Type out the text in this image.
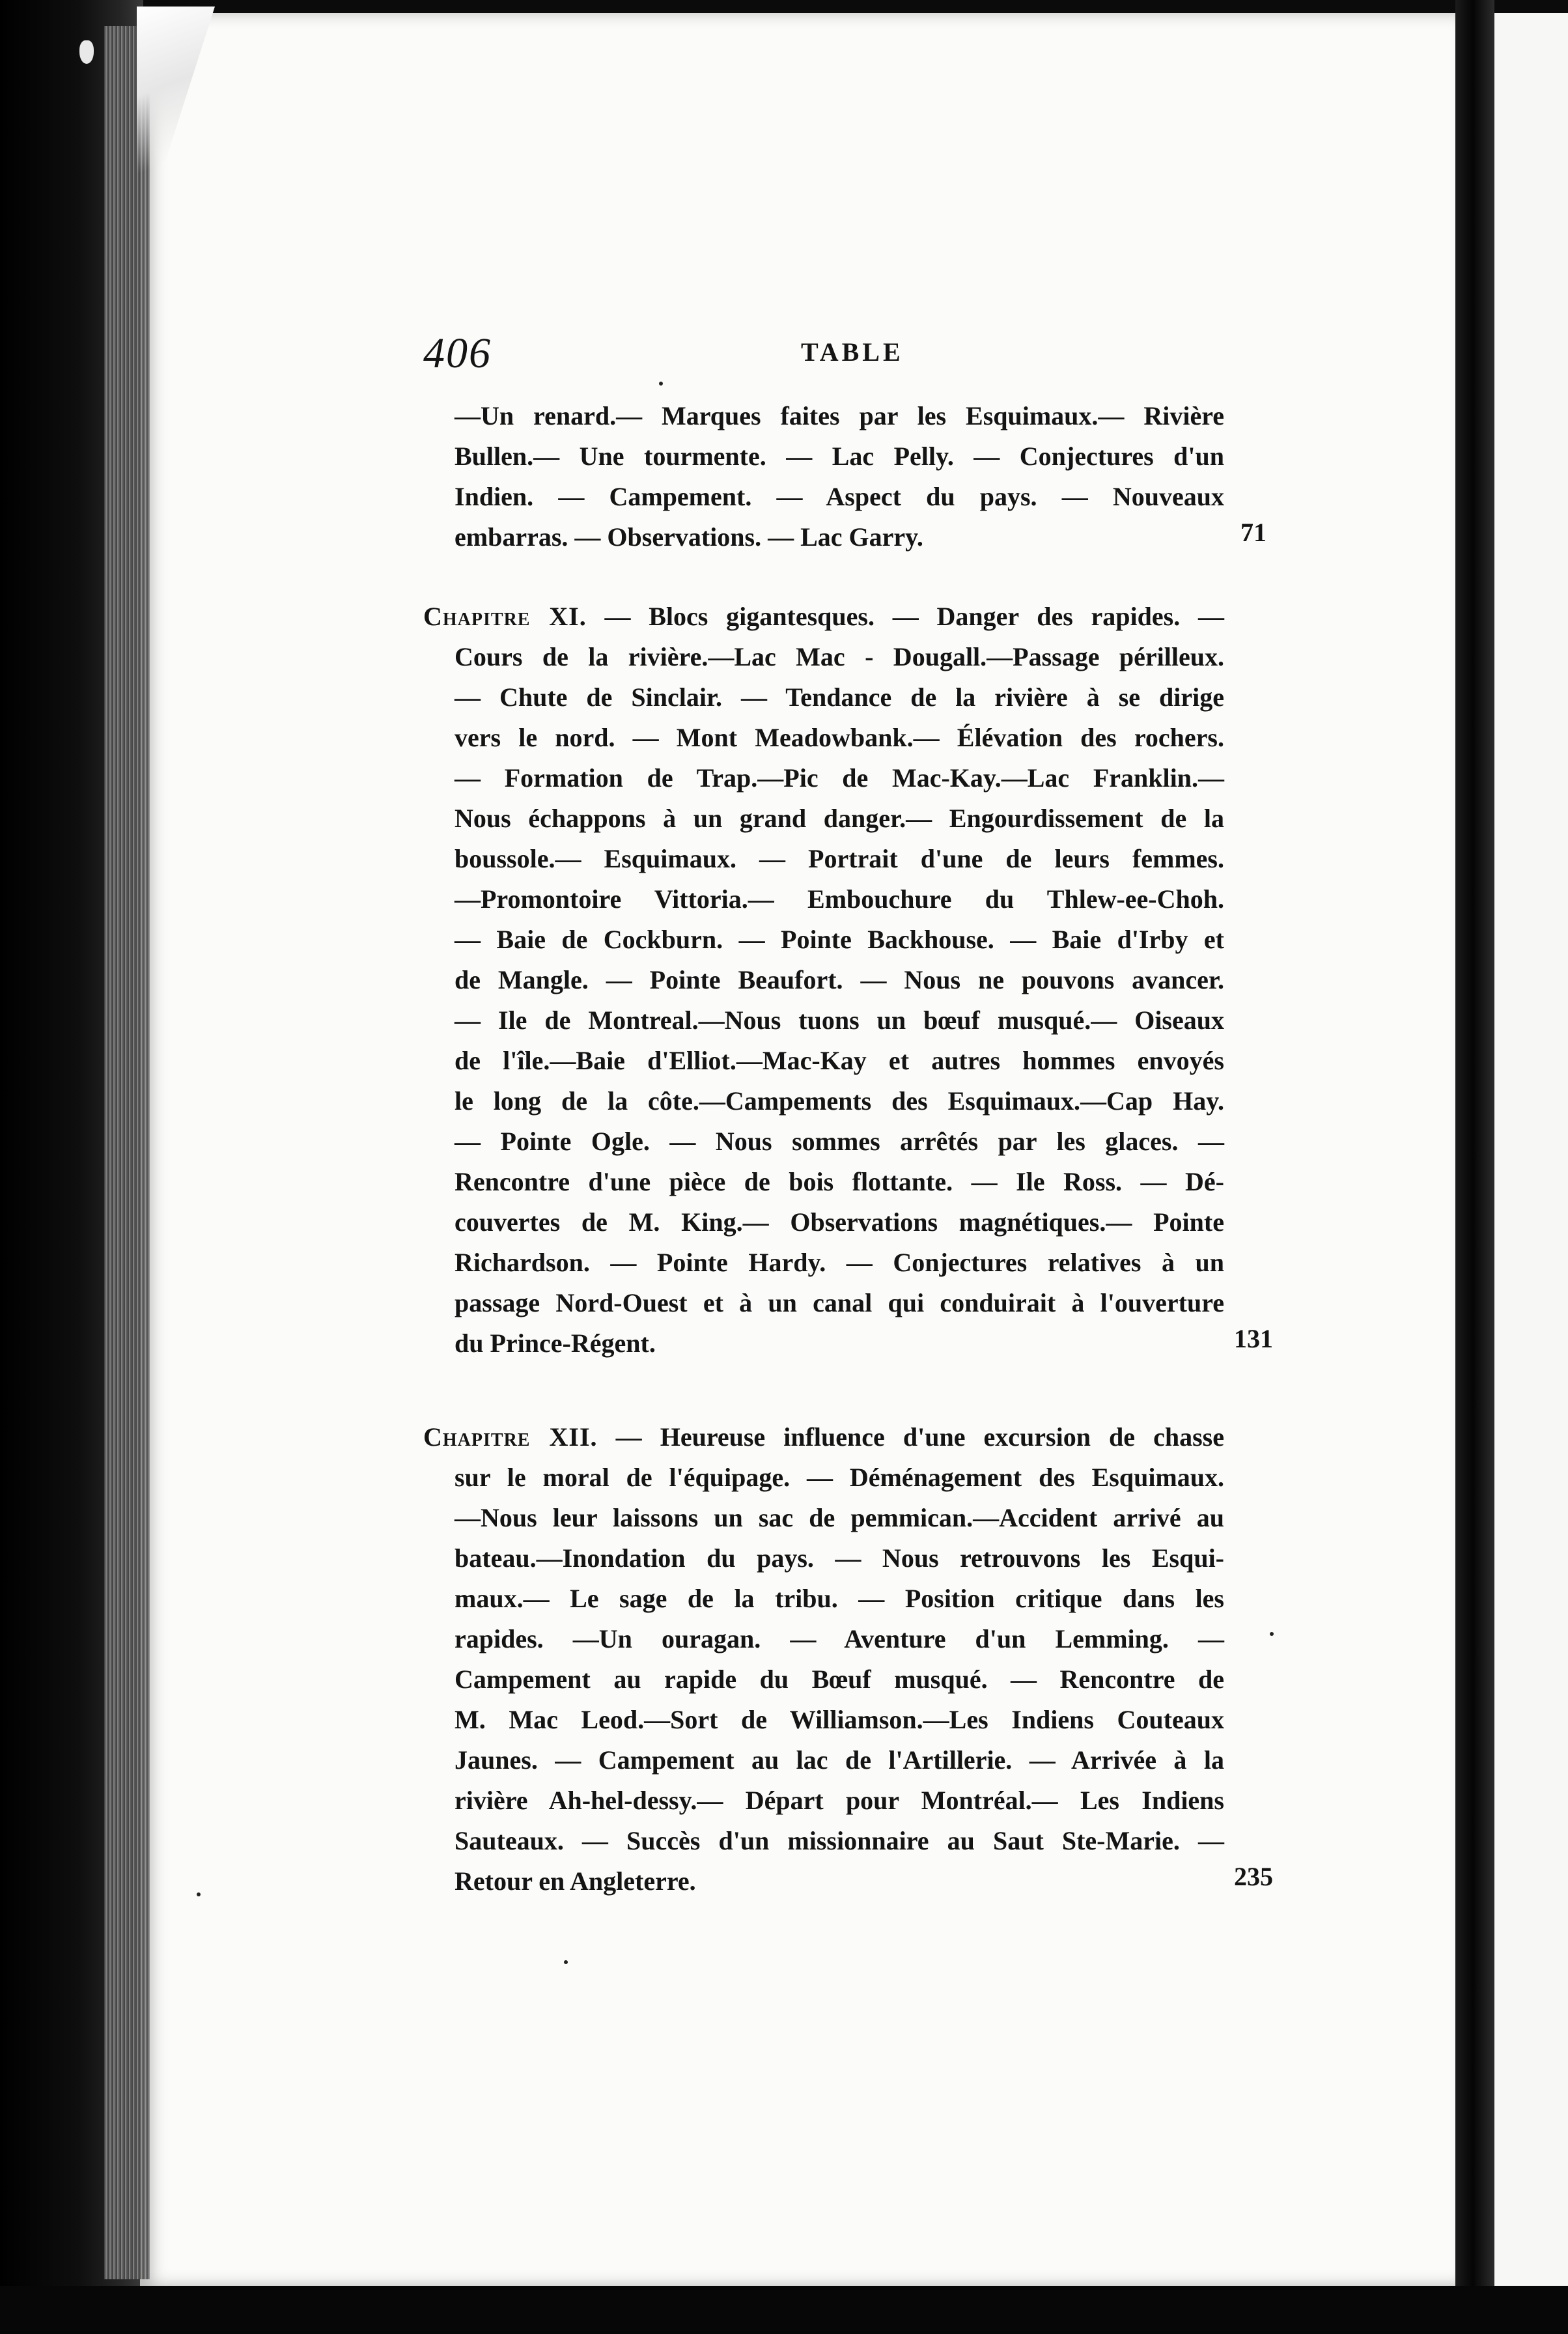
406	TABLE
—Un renard.— Marques faites par les Esquimaux.— Rivière
Bullen.— Une tourmente. — Lac Pelly. — Conjectures d'un
Indien. — Campement. — Aspect du pays. — Nouveaux
embarras. — Observations. — Lac Garry.	71
Chapitre XI. — Blocs gigantesques. — Danger des rapides. —
Cours de la rivière.—Lac Mac - Dougall.—Passage périlleux.
— Chute de Sinclair. — Tendance de la rivière à se dirige
vers le nord. — Mont Meadowbank.— Élévation des rochers.
— Formation de Trap.—Pic de Mac-Kay.—Lac Franklin.—
Nous échappons à un grand danger.— Engourdissement de la
boussole.— Esquimaux. — Portrait d'une de leurs femmes.
—Promontoire Vittoria.— Embouchure du Thlew-ee-Choh.
— Baie de Cockburn. — Pointe Backhouse. — Baie d'Irby et
de Mangle. — Pointe Beaufort. — Nous ne pouvons avancer.
— Ile de Montreal.—Nous tuons un bœuf musqué.— Oiseaux
de l'île.—Baie d'Elliot.—Mac-Kay et autres hommes envoyés
le long de la côte.—Campements des Esquimaux.—Cap Hay.
— Pointe Ogle. — Nous sommes arrêtés par les glaces. —
Rencontre d'une pièce de bois flottante. — Ile Ross. — Dé-
couvertes de M. King.— Observations magnétiques.— Pointe
Richardson. — Pointe Hardy. — Conjectures relatives à un
passage Nord-Ouest et à un canal qui conduirait à l'ouverture
du Prince-Régent.	131
Chapitre XII. — Heureuse influence d'une excursion de chasse
sur le moral de l'équipage. — Déménagement des Esquimaux.
—Nous leur laissons un sac de pemmican.—Accident arrivé au
bateau.—Inondation du pays. — Nous retrouvons les Esqui-
maux.— Le sage de la tribu. — Position critique dans les
rapides. —Un ouragan. — Aventure d'un Lemming. —
Campement au rapide du Bœuf musqué. — Rencontre de
M. Mac Leod.—Sort de Williamson.—Les Indiens Couteaux
Jaunes. — Campement au lac de l'Artillerie. — Arrivée à la
rivière Ah-hel-dessy.— Départ pour Montréal.— Les Indiens
Sauteaux. — Succès d'un missionnaire au Saut Ste-Marie. —
Retour en Angleterre.	235
